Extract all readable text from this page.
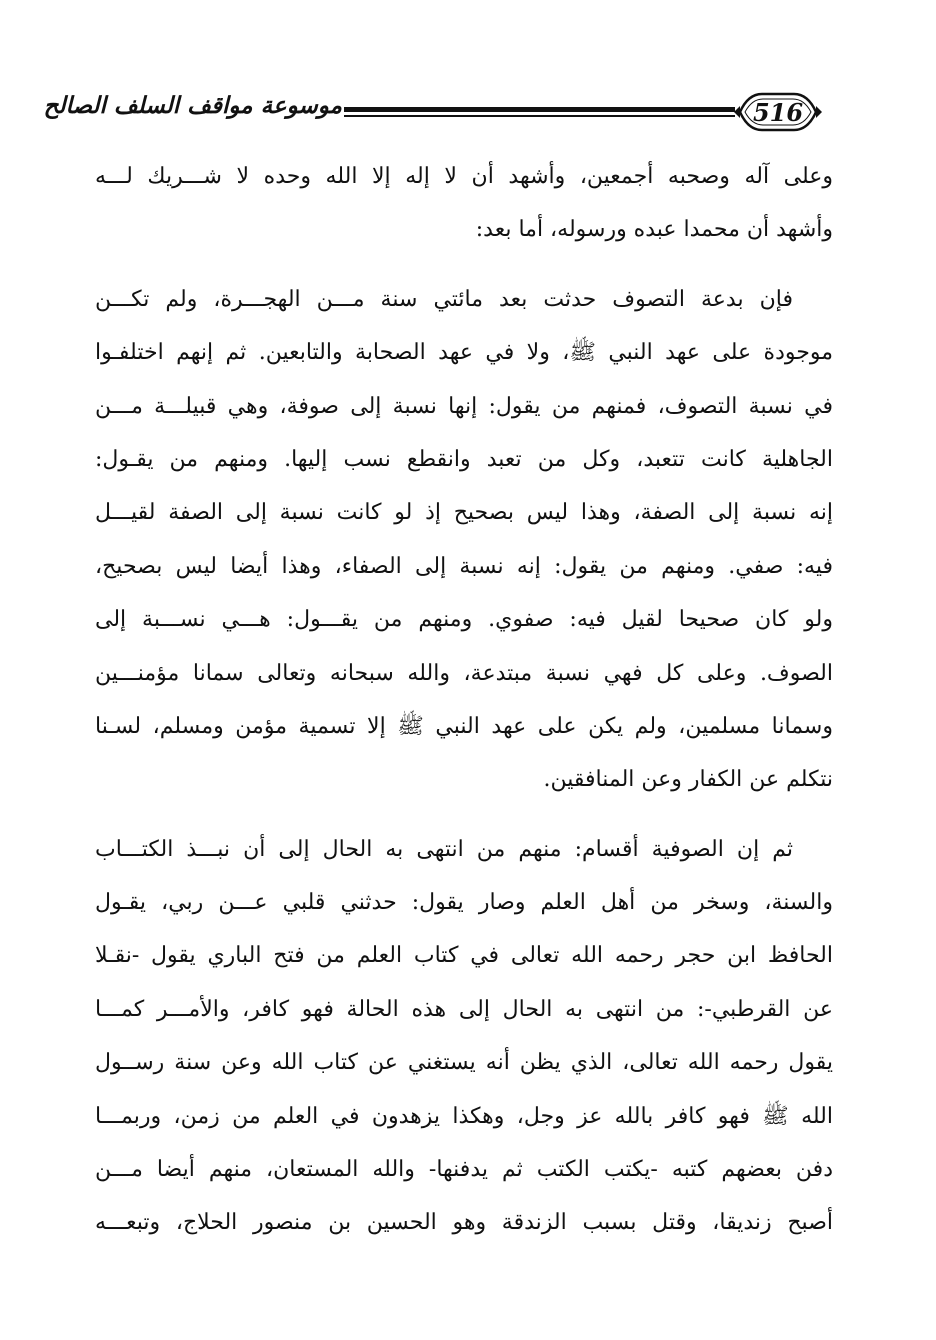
موسوعة مواقف السلف الصالح	516
وعلى آله وصحبه أجمعين، وأشهد أن لا إله إلا الله وحده لا شـــريك لـــه
وأشهد أن محمدا عبده ورسوله، أما بعد:
فإن بدعة التصوف حدثت بعد مائتي سنة مـــن الهجـــرة، ولم تكـــن
موجودة على عهد النبي ﷺ، ولا في عهد الصحابة والتابعين. ثم إنهم اختلفـوا
في نسبة التصوف، فمنهم من يقول: إنها نسبة إلى صوفة، وهي قبيلـــة مـــن
الجاهلية كانت تتعبد، وكل من تعبد وانقطع نسب إليها. ومنهم من يقـول:
إنه نسبة إلى الصفة، وهذا ليس بصحيح إذ لو كانت نسبة إلى الصفة لقيـــل
فيه: صفي. ومنهم من يقول: إنه نسبة إلى الصفاء، وهذا أيضا ليس بصحيح،
ولو كان صحيحا لقيل فيه: صفوي. ومنهم من يقـــول: هـــي نســـبة إلى
الصوف. وعلى كل فهي نسبة مبتدعة، والله سبحانه وتعالى سمانا مؤمنـــين
وسمانا مسلمين، ولم يكن على عهد النبي ﷺ إلا تسمية مؤمن ومسلم، لسـنا
نتكلم عن الكفار وعن المنافقين.
ثم إن الصوفية أقسام: منهم من انتهى به الحال إلى أن نبـــذ الكتـــاب
والسنة، وسخر من أهل العلم وصار يقول: حدثني قلبي عـــن ربي، يقـول
الحافظ ابن حجر رحمه الله تعالى في كتاب العلم من فتح الباري يقول -نقـلا
عن القرطبي-: من انتهى به الحال إلى هذه الحالة فهو كافر، والأمـــر كمـــا
يقول رحمه الله تعالى، الذي يظن أنه يستغني عن كتاب الله وعن سنة رســول
الله ﷺ فهو كافر بالله عز وجل، وهكذا يزهدون في العلم من زمن، وربمـــا
دفن بعضهم كتبه -يكتب الكتب ثم يدفنها- والله المستعان، منهم أيضا مـــن
أصبح زنديقا، وقتل بسبب الزندقة وهو الحسين بن منصور الحلاج، وتبعـــه
